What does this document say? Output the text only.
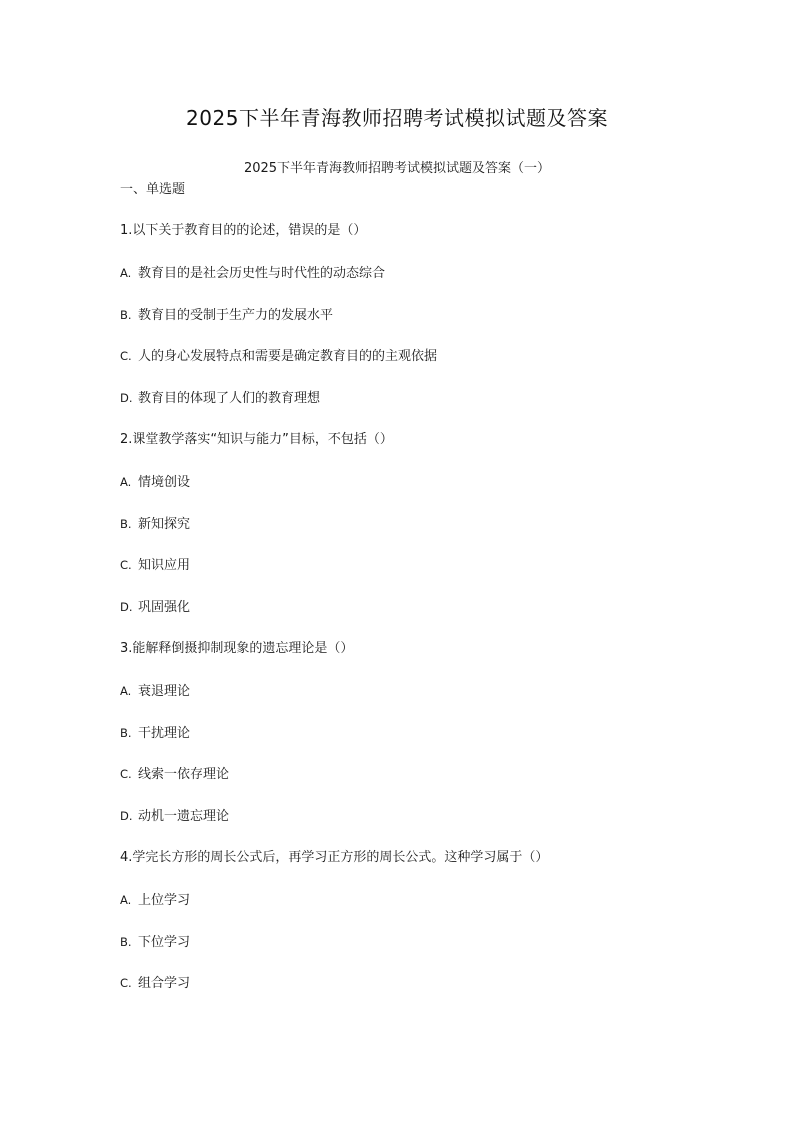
2025下半年青海教师招聘考试模拟试题及答案
2025下半年青海教师招聘考试模拟试题及答案（一）
一、单选题
1.以下关于教育目的的论述，错误的是（）
A. 教育目的是社会历史性与时代性的动态综合
B. 教育目的受制于生产力的发展水平
C. 人的身心发展特点和需要是确定教育目的的主观依据
D. 教育目的体现了人们的教育理想
2.课堂教学落实“知识与能力”目标，不包括（）
A. 情境创设
B. 新知探究
C. 知识应用
D. 巩固强化
3.能解释倒摄抑制现象的遗忘理论是（）
A. 衰退理论
B. 干扰理论
C. 线索一依存理论
D. 动机一遗忘理论
4.学完长方形的周长公式后，再学习正方形的周长公式。这种学习属于（）
A. 上位学习
B. 下位学习
C. 组合学习
